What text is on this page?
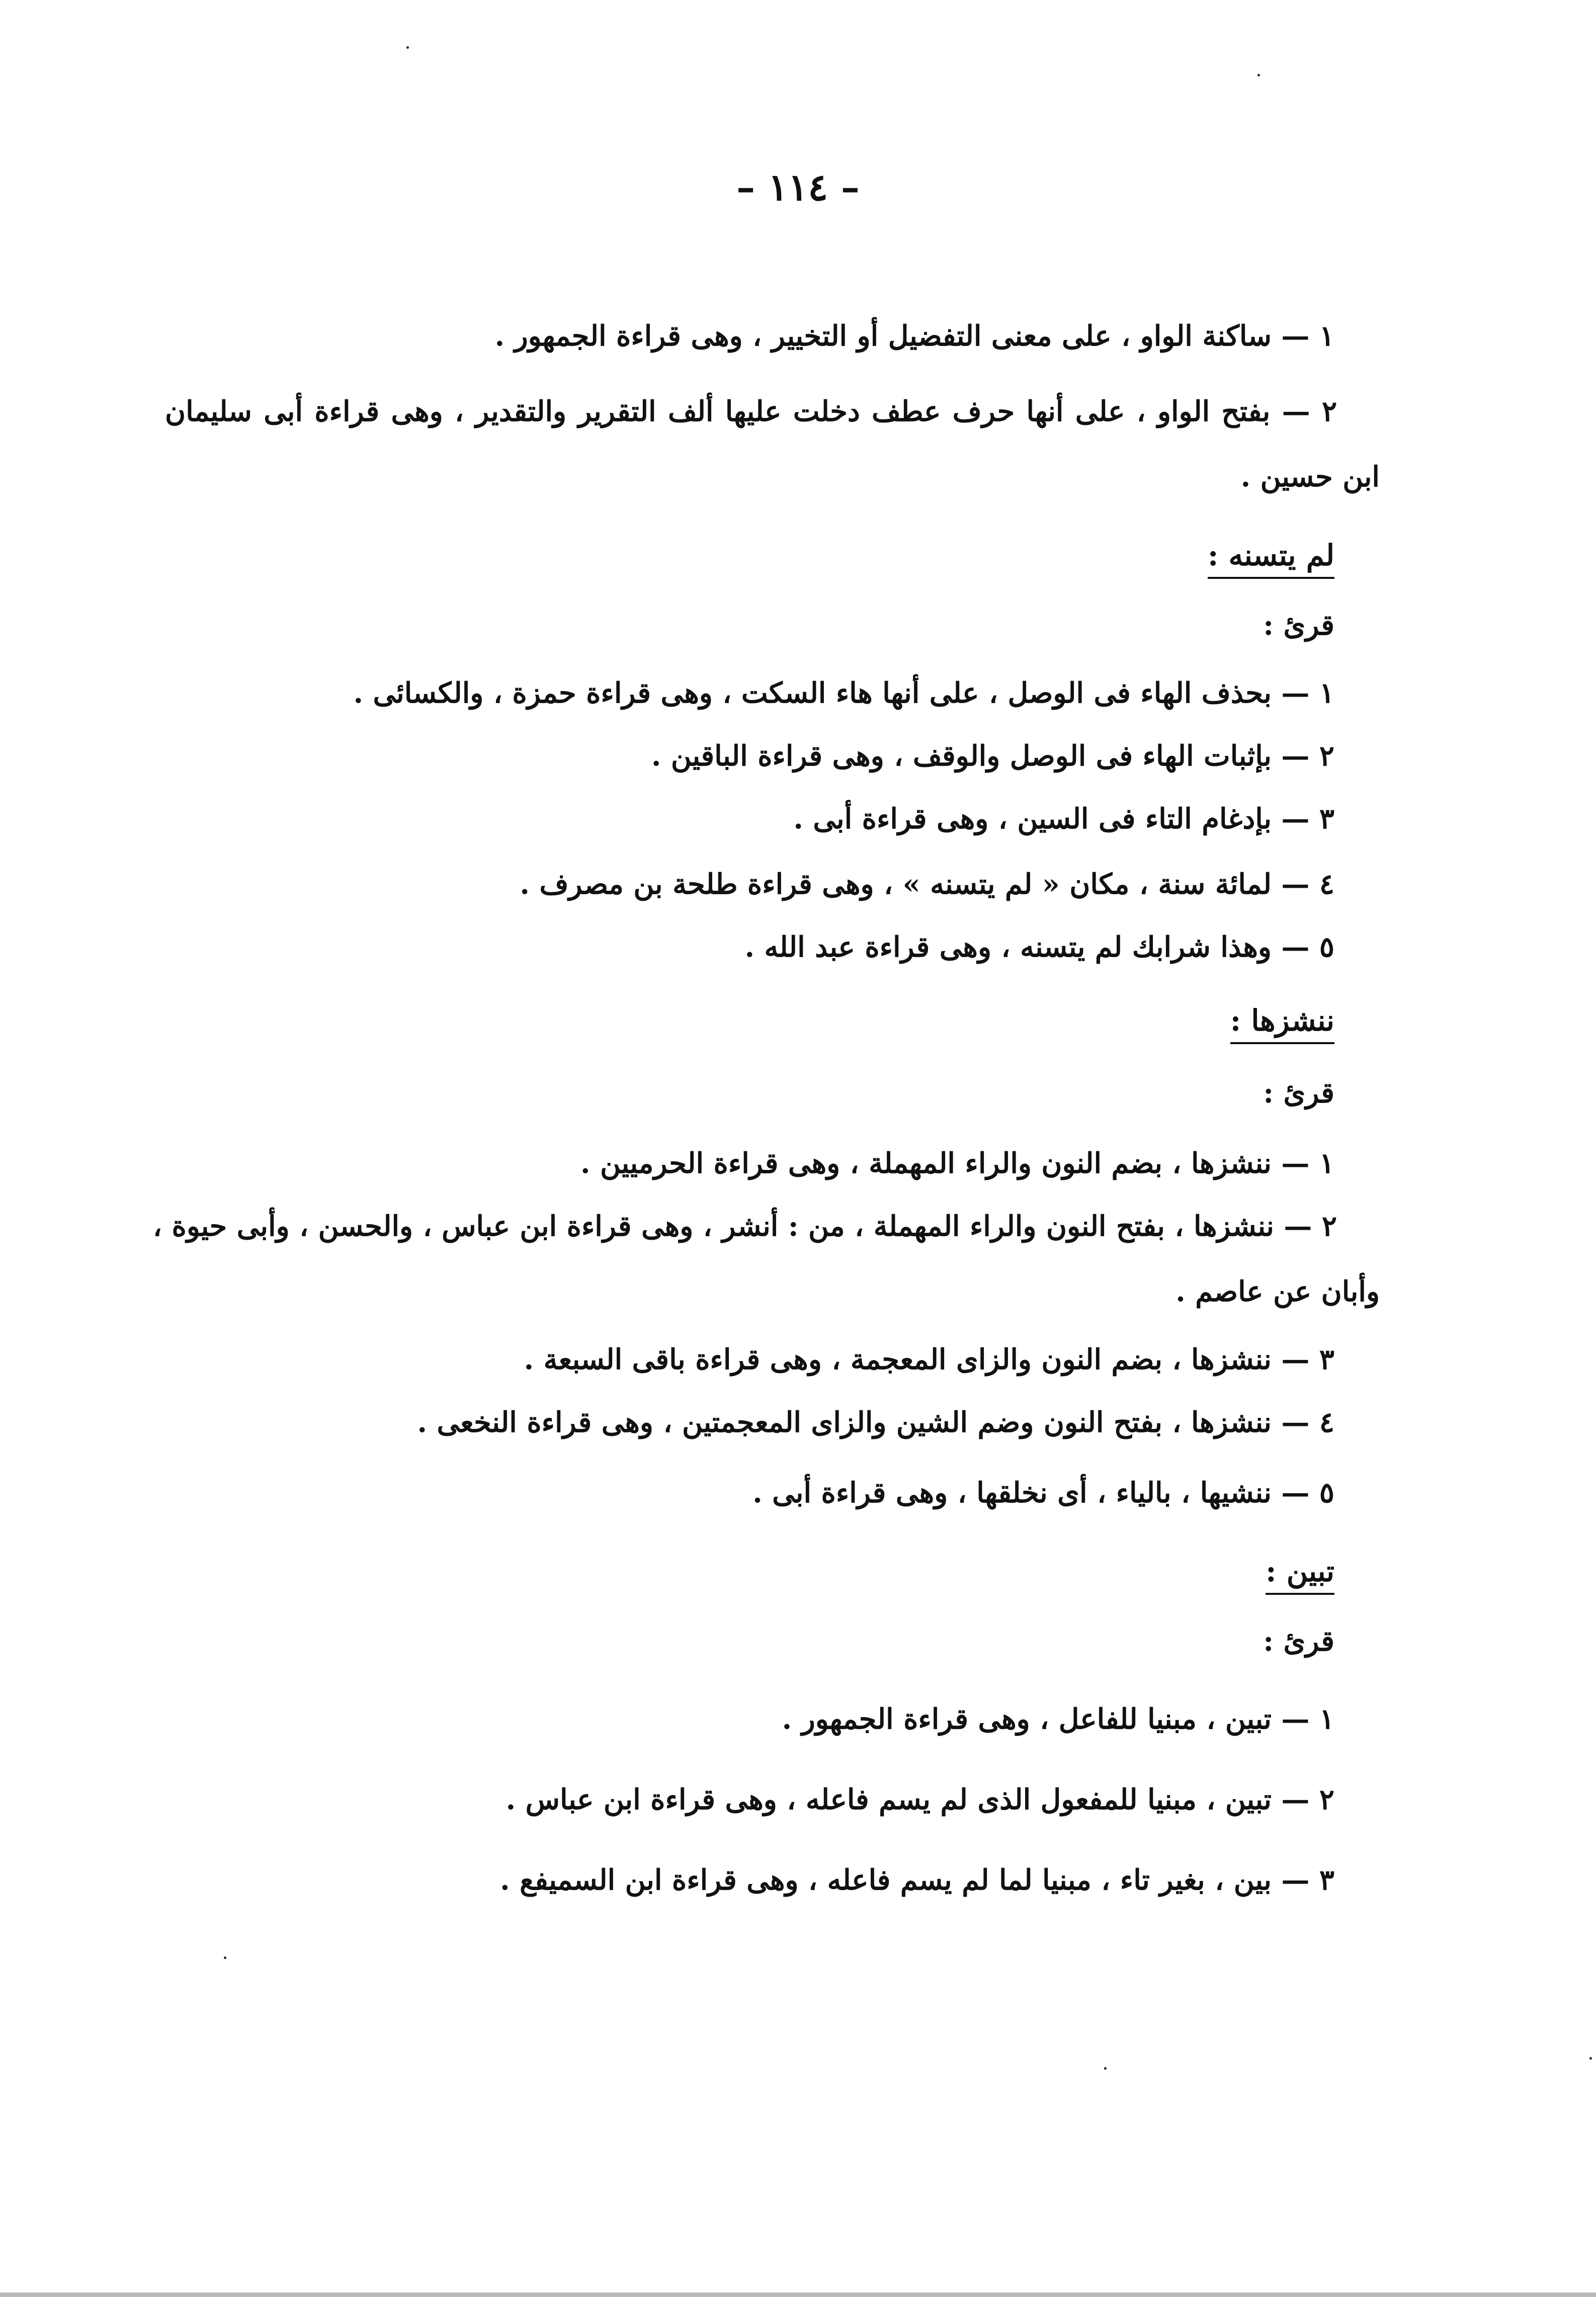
– ١١٤ –
١ — ساكنة الواو ، على معنى التفضيل أو التخيير ، وهى قراءة الجمهور .
٢ — بفتح الواو ، على أنها حرف عطف دخلت عليها ألف التقرير والتقدير ، وهى قراءة أبى سليمان
ابن حسين .
لم يتسنه :
قرئ :
١ — بحذف الهاء فى الوصل ، على أنها هاء السكت ، وهى قراءة حمزة ، والكسائى .
٢ — بإثبات الهاء فى الوصل والوقف ، وهى قراءة الباقين .
٣ — بإدغام التاء فى السين ، وهى قراءة أبى .
٤ — لمائة سنة ، مكان « لم يتسنه » ، وهى قراءة طلحة بن مصرف .
٥ — وهذا شرابك لم يتسنه ، وهى قراءة عبد الله .
ننشزها :
قرئ :
١ — ننشزها ، بضم النون والراء المهملة ، وهى قراءة الحرميين .
٢ — ننشزها ، بفتح النون والراء المهملة ، من : أنشر ، وهى قراءة ابن عباس ، والحسن ، وأبى حيوة ،
وأبان عن عاصم .
٣ — ننشزها ، بضم النون والزاى المعجمة ، وهى قراءة باقى السبعة .
٤ — ننشزها ، بفتح النون وضم الشين والزاى المعجمتين ، وهى قراءة النخعى .
٥ — ننشيها ، بالياء ، أى نخلقها ، وهى قراءة أبى .
تبين :
قرئ :
١ — تبين ، مبنيا للفاعل ، وهى قراءة الجمهور .
٢ — تبين ، مبنيا للمفعول الذى لم يسم فاعله ، وهى قراءة ابن عباس .
٣ — بين ، بغير تاء ، مبنيا لما لم يسم فاعله ، وهى قراءة ابن السميفع .
